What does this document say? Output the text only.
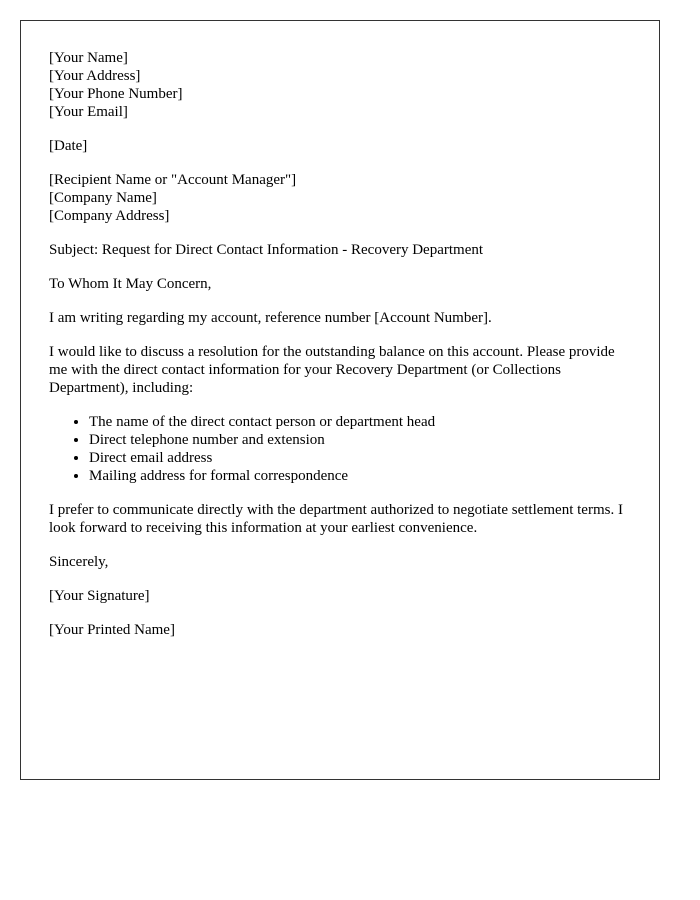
[Your Name]
[Your Address]
[Your Phone Number]
[Your Email]
[Date]
[Recipient Name or "Account Manager"]
[Company Name]
[Company Address]

Subject: Request for Direct Contact Information - Recovery Department

To Whom It May Concern,

I am writing regarding my account, reference number [Account Number].

I would like to discuss a resolution for the outstanding balance on this account. Please provide me with the direct contact information for your Recovery Department (or Collections Department), including:

• The name of the direct contact person or department head
• Direct telephone number and extension
• Direct email address
• Mailing address for formal correspondence

I prefer to communicate directly with the department authorized to negotiate settlement terms. I look forward to receiving this information at your earliest convenience.

Sincerely,

[Your Signature]

[Your Printed Name]
